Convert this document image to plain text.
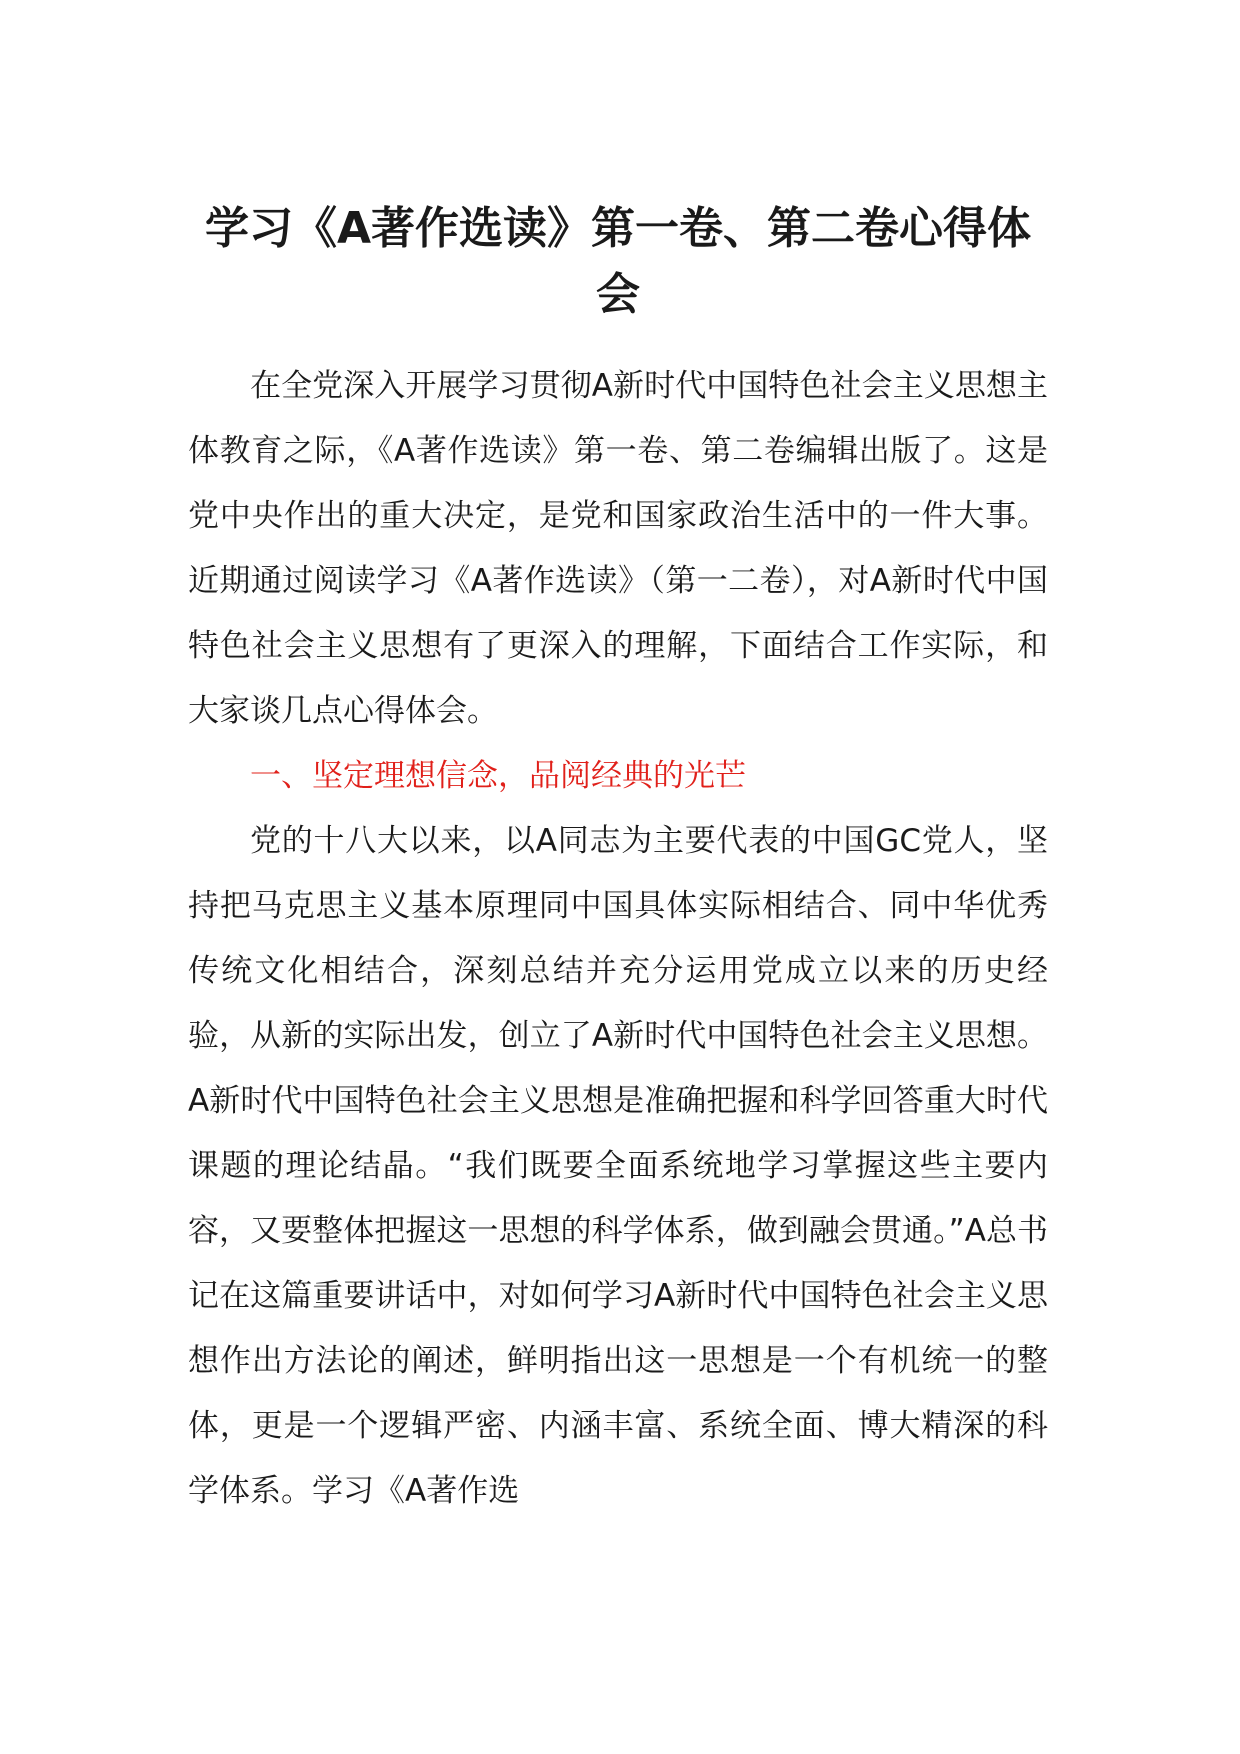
学习《A著作选读》第一卷、第二卷心得体会

在全党深入开展学习贯彻A新时代中国特色社会主义思想主体教育之际，《A著作选读》第一卷、第二卷编辑出版了。这是党中央作出的重大决定，是党和国家政治生活中的一件大事。近期通过阅读学习《A著作选读》（第一二卷），对A新时代中国特色社会主义思想有了更深入的理解，下面结合工作实际，和大家谈几点心得体会。

一、坚定理想信念，品阅经典的光芒

党的十八大以来，以A同志为主要代表的中国GC党人，坚持把马克思主义基本原理同中国具体实际相结合、同中华优秀传统文化相结合，深刻总结并充分运用党成立以来的历史经验，从新的实际出发，创立了A新时代中国特色社会主义思想。A新时代中国特色社会主义思想是准确把握和科学回答重大时代课题的理论结晶。“我们既要全面系统地学习掌握这些主要内容，又要整体把握这一思想的科学体系，做到融会贯通。”A总书记在这篇重要讲话中，对如何学习A新时代中国特色社会主义思想作出方法论的阐述，鲜明指出这一思想是一个有机统一的整体，更是一个逻辑严密、内涵丰富、系统全面、博大精深的科学体系。学习《A著作选
